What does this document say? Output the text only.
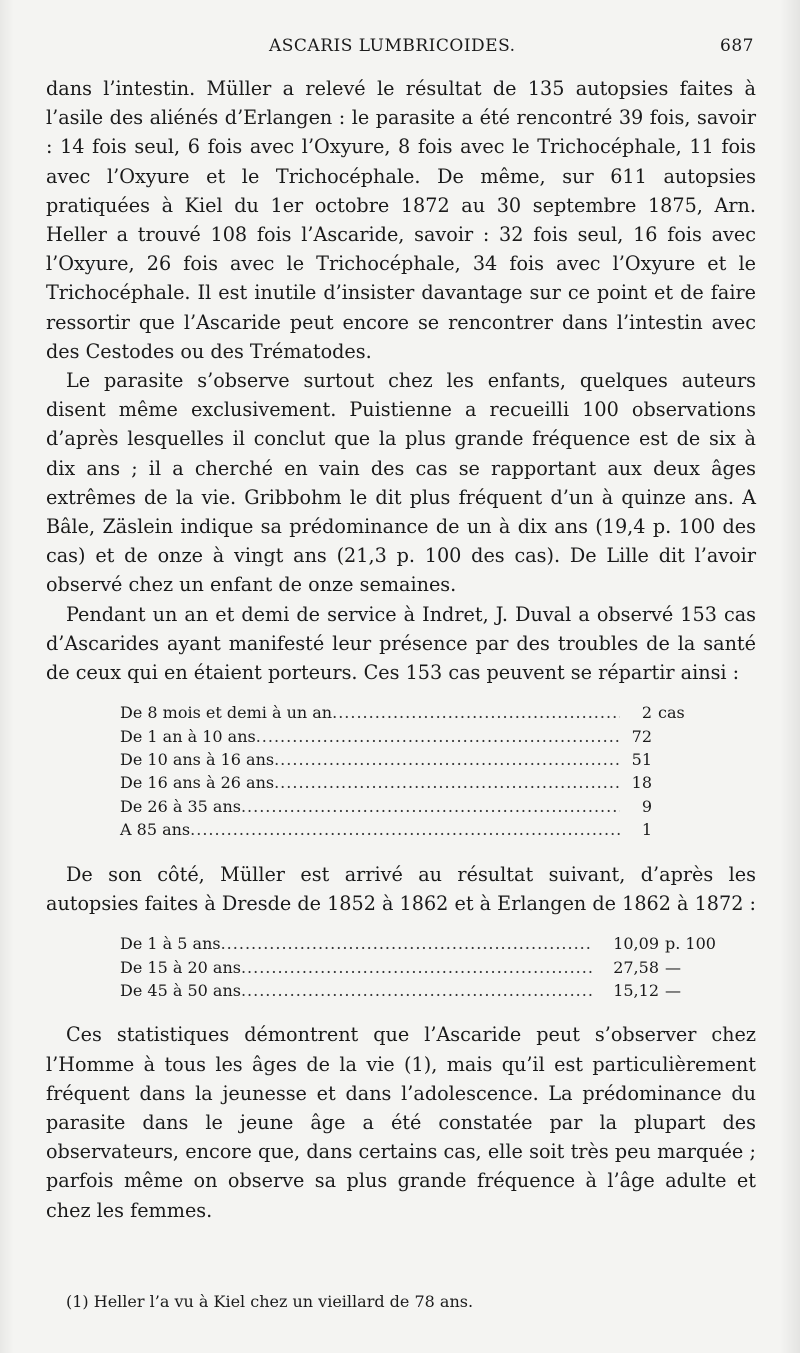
ASCARIS LUMBRICOIDES.	687

dans l’intestin. Müller a relevé le résultat de 135 autopsies faites à l’asile des aliénés d’Erlangen : le parasite a été rencontré 39 fois, savoir : 14 fois seul, 6 fois avec l’Oxyure, 8 fois avec le Trichocéphale, 11 fois avec l’Oxyure et le Trichocéphale. De même, sur 611 autopsies pratiquées à Kiel du 1er octobre 1872 au 30 septembre 1875, Arn. Heller a trouvé 108 fois l’Ascaride, savoir : 32 fois seul, 16 fois avec l’Oxyure, 26 fois avec le Trichocéphale, 34 fois avec l’Oxyure et le Trichocéphale. Il est inutile d’insister davantage sur ce point et de faire ressortir que l’Ascaride peut encore se rencontrer dans l’intestin avec des Cestodes ou des Trématodes.

Le parasite s’observe surtout chez les enfants, quelques auteurs disent même exclusivement. Puistienne a recueilli 100 observations d’après lesquelles il conclut que la plus grande fréquence est de six à dix ans ; il a cherché en vain des cas se rapportant aux deux âges extrêmes de la vie. Gribbohm le dit plus fréquent d’un à quinze ans. A Bâle, Zäslein indique sa prédominance de un à dix ans (19,4 p. 100 des cas) et de onze à vingt ans (21,3 p. 100 des cas). De Lille dit l’avoir observé chez un enfant de onze semaines.

Pendant un an et demi de service à Indret, J. Duval a observé 153 cas d’Ascarides ayant manifesté leur présence par des troubles de la santé de ceux qui en étaient porteurs. Ces 153 cas peuvent se répartir ainsi :

De 8 mois et demi à un an .....	2 cas
De 1 an à 10 ans .....	72
De 10 ans à 16 ans .....	51
De 16 ans à 26 ans .....	18
De 26 à 35 ans .....	9
A 85 ans .....	1

De son côté, Müller est arrivé au résultat suivant, d’après les autopsies faites à Dresde de 1852 à 1862 et à Erlangen de 1862 à 1872 :

De 1 à 5 ans .....	10,09 p. 100
De 15 à 20 ans .....	27,58 —
De 45 à 50 ans .....	15,12 —

Ces statistiques démontrent que l’Ascaride peut s’observer chez l’Homme à tous les âges de la vie (1), mais qu’il est particulièrement fréquent dans la jeunesse et dans l’adolescence. La prédominance du parasite dans le jeune âge a été constatée par la plupart des observateurs, encore que, dans certains cas, elle soit très peu marquée ; parfois même on observe sa plus grande fréquence à l’âge adulte et chez les femmes.

(1) Heller l’a vu à Kiel chez un vieillard de 78 ans.
